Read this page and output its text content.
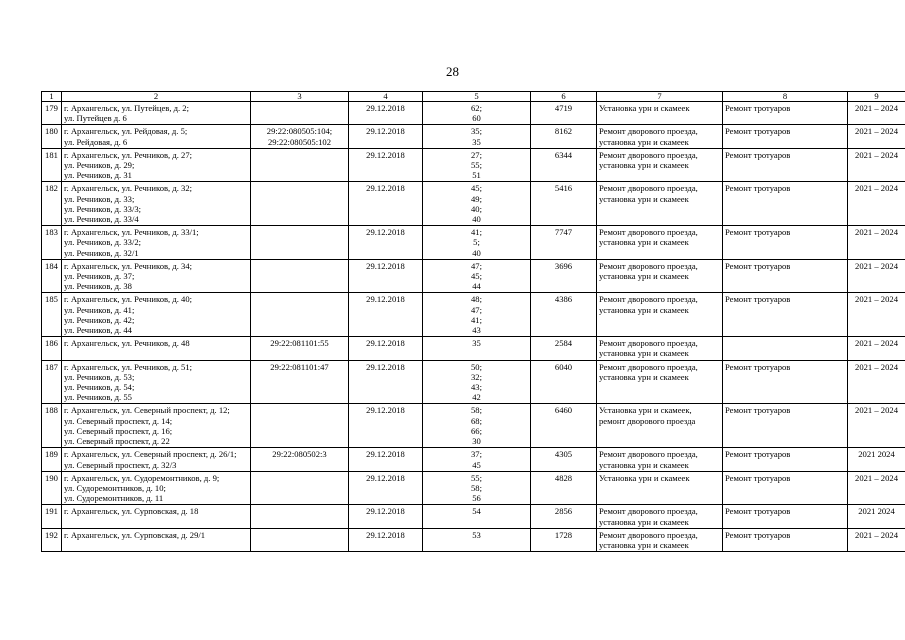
28
1	2	3	4	5	6	7	8	9
179	г. Архангельск, ул. Путейцев, д. 2;
ул. Путейцев д. 6		29.12.2018	62;
60	4719	Установка урн и скамеек	Ремонт тротуаров	2021 – 2024
180	г. Архангельск, ул. Рейдовая, д. 5;
ул. Рейдовая, д. 6	29:22:080505:104;
29:22:080505:102	29.12.2018	35;
35	8162	Ремонт дворового проезда,
установка урн и скамеек	Ремонт тротуаров	2021 – 2024
181	г. Архангельск, ул. Речников, д. 27;
ул. Речников, д. 29;
ул. Речников, д. 31		29.12.2018	27;
55;
51	6344	Ремонт дворового проезда,
установка урн и скамеек	Ремонт тротуаров	2021 – 2024
182	г. Архангельск, ул. Речников, д. 32;
ул. Речников, д. 33;
ул. Речников, д. 33/3;
ул. Речников, д. 33/4		29.12.2018	45;
49;
40;
40	5416	Ремонт дворового проезда,
установка урн и скамеек	Ремонт тротуаров	2021 – 2024
183	г. Архангельск, ул. Речников, д. 33/1;
ул. Речников, д. 33/2;
ул. Речников, д. 32/1		29.12.2018	41;
5;
40	7747	Ремонт дворового проезда,
установка урн и скамеек	Ремонт тротуаров	2021 – 2024
184	г. Архангельск, ул. Речников, д. 34;
ул. Речников, д. 37;
ул. Речников, д. 38		29.12.2018	47;
45;
44	3696	Ремонт дворового проезда,
установка урн и скамеек	Ремонт тротуаров	2021 – 2024
185	г. Архангельск, ул. Речников, д. 40;
ул. Речников, д. 41;
ул. Речников, д. 42;
ул. Речников, д. 44		29.12.2018	48;
47;
41;
43	4386	Ремонт дворового проезда,
установка урн и скамеек	Ремонт тротуаров	2021 – 2024
186	г. Архангельск, ул. Речников, д. 48	29:22:081101:55	29.12.2018	35	2584	Ремонт дворового проезда,
установка урн и скамеек		2021 – 2024
187	г. Архангельск, ул. Речников, д. 51;
ул. Речников, д. 53;
ул. Речников, д. 54;
ул. Речников, д. 55	29:22:081101:47	29.12.2018	50;
32;
43;
42	6040	Ремонт дворового проезда,
установка урн и скамеек	Ремонт тротуаров	2021 – 2024
188	г. Архангельск, ул. Северный проспект, д. 12;
ул. Северный проспект, д. 14;
ул. Северный проспект, д. 16;
ул. Северный проспект, д. 22		29.12.2018	58;
68;
66;
30	6460	Установка урн и скамеек,
ремонт дворового проезда	Ремонт тротуаров	2021 – 2024
189	г. Архангельск, ул. Северный проспект, д. 26/1;
ул. Северный проспект, д. 32/3	29:22:080502:3	29.12.2018	37;
45	4305	Ремонт дворового проезда,
установка урн и скамеек	Ремонт тротуаров	2021 2024
190	г. Архангельск, ул. Судоремонтников, д. 9;
ул. Судоремонтников, д. 10;
ул. Судоремонтников, д. 11		29.12.2018	55;
58;
56	4828	Установка урн и скамеек	Ремонт тротуаров	2021 – 2024
191	г. Архангельск, ул. Сурповская, д. 18		29.12.2018	54	2856	Ремонт дворового проезда,
установка урн и скамеек	Ремонт тротуаров	2021 2024
192	г. Архангельск, ул. Сурповская, д. 29/1		29.12.2018	53	1728	Ремонт дворового проезда,
установка урн и скамеек	Ремонт тротуаров	2021 – 2024
